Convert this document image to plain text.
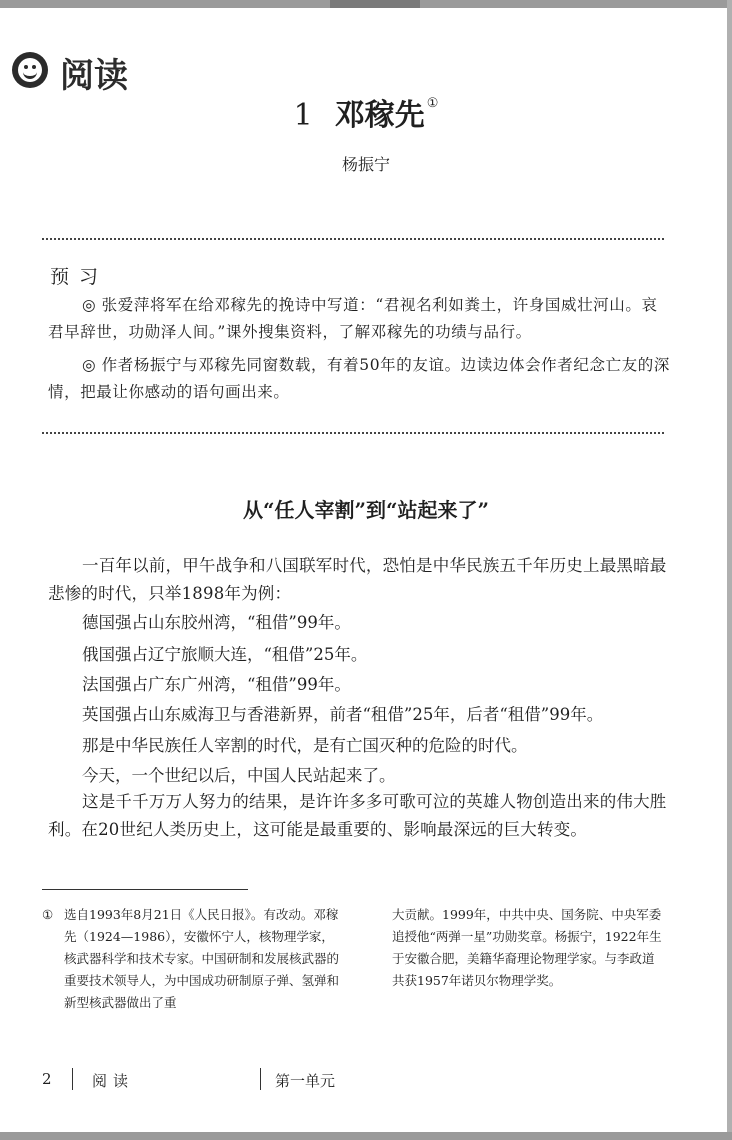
阅读
1 邓稼先 ①
杨振宁
预习

◎ 张爱萍将军在给邓稼先的挽诗中写道：“君视名利如粪土，许身国威壮河山。哀君早辞世，功勋泽人间。”课外搜集资料，了解邓稼先的功绩与品行。

◎ 作者杨振宁与邓稼先同窗数载，有着50年的友谊。边读边体会作者纪念亡友的深情，把最让你感动的语句画出来。

从“任人宰割”到“站起来了”

一百年以前，甲午战争和八国联军时代，恐怕是中华民族五千年历史上最黑暗最悲惨的时代，只举1898年为例：

德国强占山东胶州湾，“租借”99年。

俄国强占辽宁旅顺大连，“租借”25年。

法国强占广东广州湾，“租借”99年。

英国强占山东威海卫与香港新界，前者“租借”25年，后者“租借”99年。

那是中华民族任人宰割的时代，是有亡国灭种的危险的时代。

今天，一个世纪以后，中国人民站起来了。

这是千千万万人努力的结果，是许许多多可歌可泣的英雄人物创造出来的伟大胜利。在20世纪人类历史上，这可能是最重要的、影响最深远的巨大转变。

① 选自1993年8月21日《人民日报》。有改动。邓稼先（1924—1986），安徽怀宁人，核物理学家，核武器科学和技术专家。中国研制和发展核武器的重要技术领导人，为中国成功研制原子弹、氢弹和新型核武器做出了重
大贡献。1999年，中共中央、国务院、中央军委追授他“两弹一星”功勋奖章。杨振宁，1922年生于安徽合肥，美籍华裔理论物理学家。与李政道共获1957年诺贝尔物理学奖。
2	阅读	第一单元
